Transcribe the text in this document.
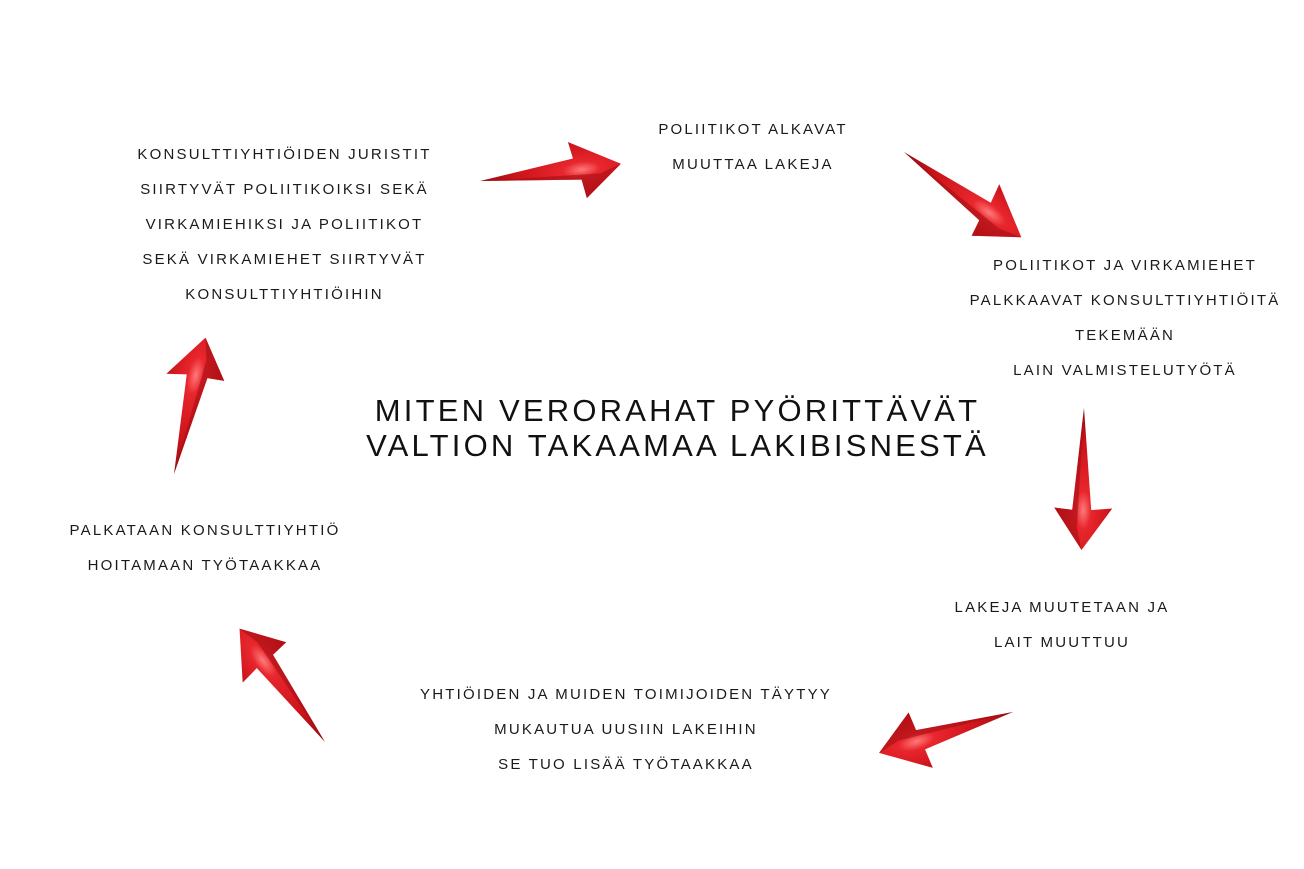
MITEN VERORAHAT PYÖRITTÄVÄT
VALTION TAKAAMAA LAKIBISNESTÄ
KONSULTTIYHTIÖIDEN JURISTIT
SIIRTYVÄT POLIITIKOIKSI SEKÄ
VIRKAMIEHIKSI JA POLIITIKOT
SEKÄ VIRKAMIEHET SIIRTYVÄT
KONSULTTIYHTIÖIHIN
POLIITIKOT ALKAVAT
MUUTTAA LAKEJA
POLIITIKOT JA VIRKAMIEHET
PALKKAAVAT KONSULTTIYHTIÖITÄ
TEKEMÄÄN
LAIN VALMISTELUTYÖTÄ
LAKEJA MUUTETAAN JA
LAIT MUUTTUU
YHTIÖIDEN JA MUIDEN TOIMIJOIDEN TÄYTYY
MUKAUTUA UUSIIN LAKEIHIN
SE TUO LISÄÄ TYÖTAAKKAA
PALKATAAN KONSULTTIYHTIÖ
HOITAMAAN TYÖTAAKKAA
